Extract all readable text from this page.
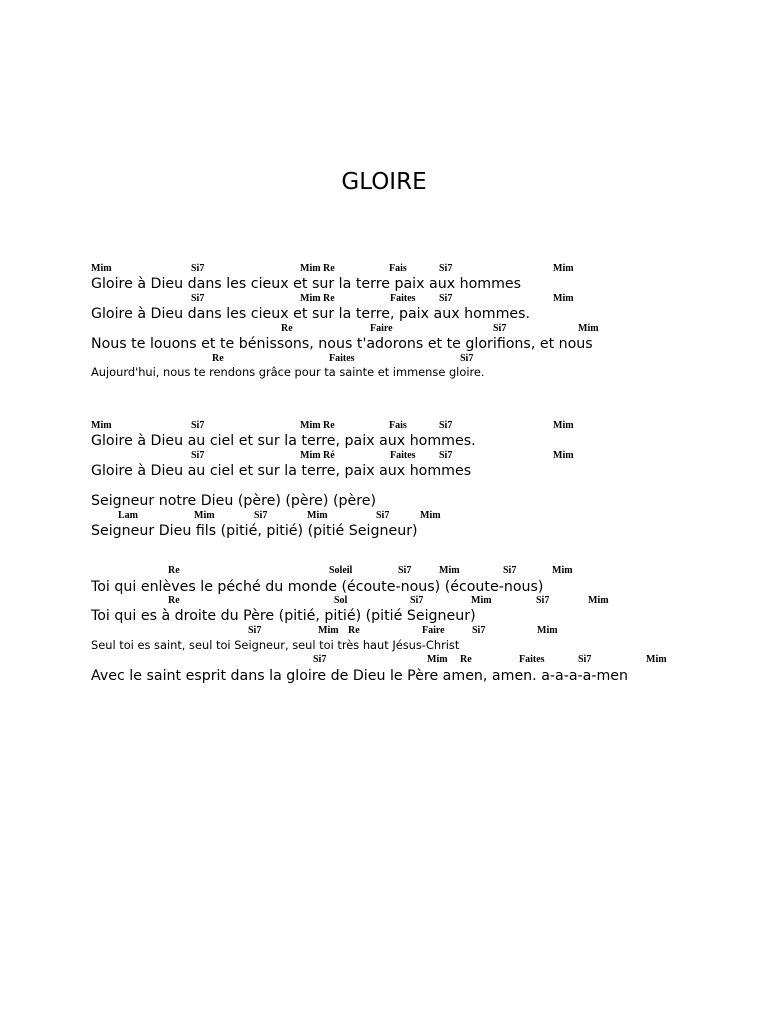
GLOIRE
Gloire à Dieu dans les cieux et sur la terre paix aux hommes
Gloire à Dieu dans les cieux et sur la terre, paix aux hommes.
Nous te louons et te bénissons, nous t'adorons et te glorifions, et nous
Aujourd'hui, nous te rendons grâce pour ta sainte et immense gloire.
Mim	Si7	Mim Re	Fais	Si7	Mim
Si7	Mim Re	Faites Si7	Mim
Re	Faire	Si7	Mim
Re	Faites	Si7
Gloire à Dieu au ciel et sur la terre, paix aux hommes.
Gloire à Dieu au ciel et sur la terre, paix aux hommes
Seigneur notre Dieu (père) (père) (père)
Seigneur Dieu fils (pitié, pitié) (pitié Seigneur)
Mim	Si7	Mim Re	Fais	Si7	Mim
Si7	Mim Ré	Faites Si7	Mim
Lam	Mim	Si7	Mim	Si7	Mim
Toi qui enlèves le péché du monde (écoute-nous) (écoute-nous)
Toi qui es à droite du Père (pitié, pitié) (pitié Seigneur)
Seul toi es saint, seul toi Seigneur, seul toi très haut Jésus-Christ
Avec le saint esprit dans la gloire de Dieu le Père amen, amen. a-a-a-a-men
Re	Soleil	Si7	Mim	Si7	Mim
Re	Sol	Si7	Mim	Si7	Mim
Si7	Mim Re	Faire	Si7	Mim
Si7	Mim Re	Faites	Si7	Mim
